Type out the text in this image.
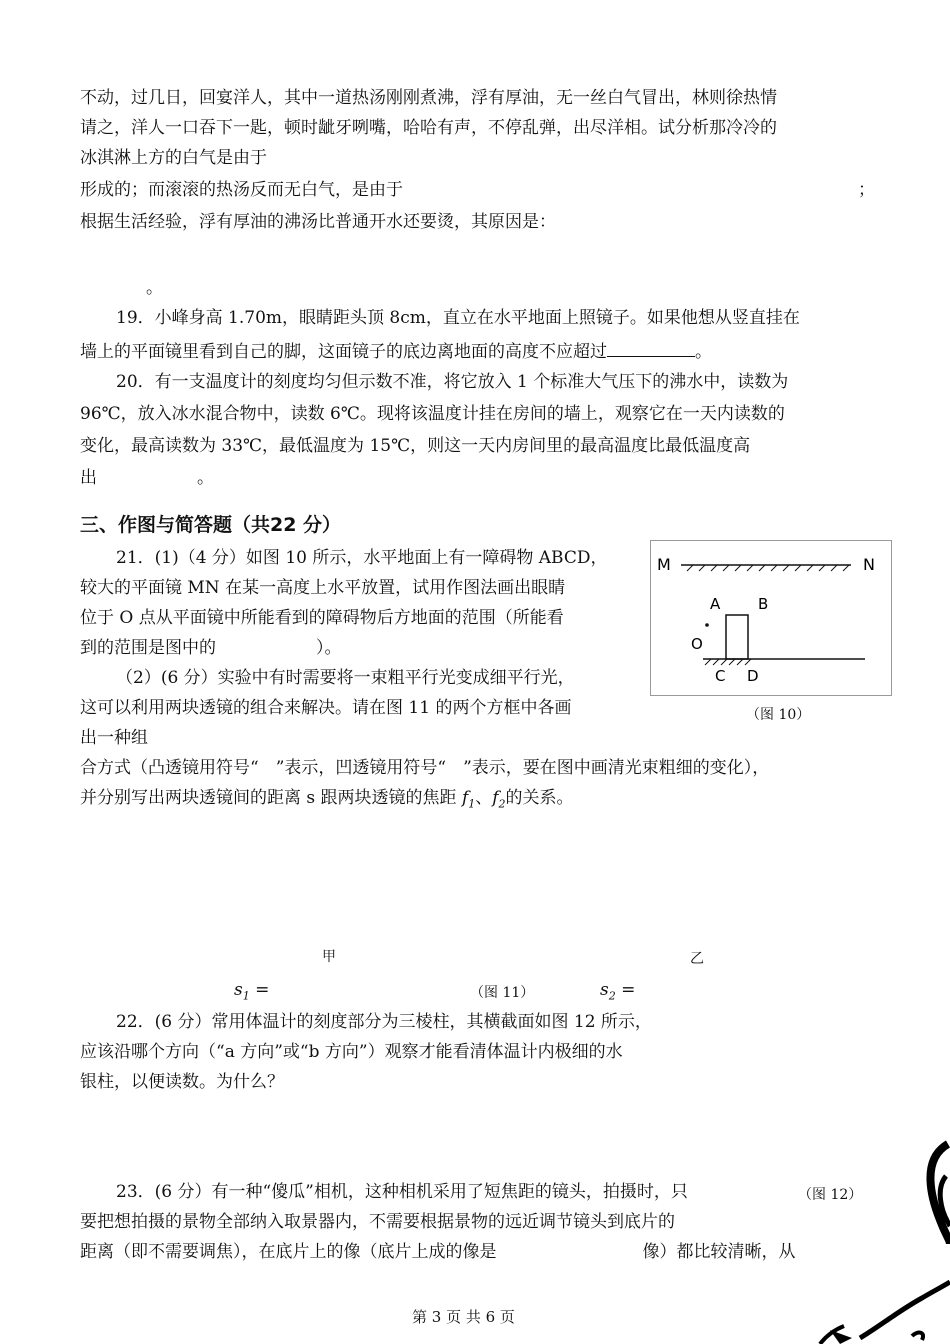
不动，过几日，回宴洋人，其中一道热汤刚刚煮沸，浮有厚油，无一丝白气冒出，林则徐热情
请之，洋人一口吞下一匙，顿时龇牙咧嘴，哈哈有声，不停乱弹，出尽洋相。试分析那冷冷的
冰淇淋上方的白气是由于
形成的；而滚滚的热汤反而无白气，是由于	；
根据生活经验，浮有厚油的沸汤比普通开水还要烫，其原因是：
。
19．小峰身高 1.70m，眼睛距头顶 8cm，直立在水平地面上照镜子。如果他想从竖直挂在
墙上的平面镜里看到自己的脚，这面镜子的底边离地面的高度不应超过	。
20．有一支温度计的刻度均匀但示数不准，将它放入 1 个标准大气压下的沸水中，读数为
96℃，放入冰水混合物中，读数 6℃。现将该温度计挂在房间的墙上，观察它在一天内读数的
变化，最高读数为 33℃，最低温度为 15℃，则这一天内房间里的最高温度比最低温度高
出	。
三、作图与简答题（共22 分）
21．(1)（4 分）如图 10 所示，水平地面上有一障碍物 ABCD，
较大的平面镜 MN 在某一高度上水平放置，试用作图法画出眼睛
位于 O 点从平面镜中所能看到的障碍物后方地面的范围（所能看
到的范围是图中的	）。
（2）(6 分）实验中有时需要将一束粗平行光变成细平行光，
这可以利用两块透镜的组合来解决。请在图 11 的两个方框中各画
出一种组
合方式（凸透镜用符号“　”表示，凹透镜用符号“　”表示，要在图中画清光束粗细的变化），
并分别写出两块透镜间的距离 s 跟两块透镜的焦距 $f_1$、$f_2$的关系。
M	N
A	B
O
C D
（图 10）
甲	乙
$s_1$ =	（图 11）	$s_2$ =
22．(6 分）常用体温计的刻度部分为三棱柱，其横截面如图 12 所示，
应该沿哪个方向（“a 方向”或“b 方向”）观察才能看清体温计内极细的水
银柱，以便读数。为什么？
23．(6 分）有一种“傻瓜”相机，这种相机采用了短焦距的镜头，拍摄时，只	（图 12）
要把想拍摄的景物全部纳入取景器内，不需要根据景物的远近调节镜头到底片的
距离（即不需要调焦），在底片上的像（底片上成的像是	像）都比较清晰，从
第 3 页 共 6 页
